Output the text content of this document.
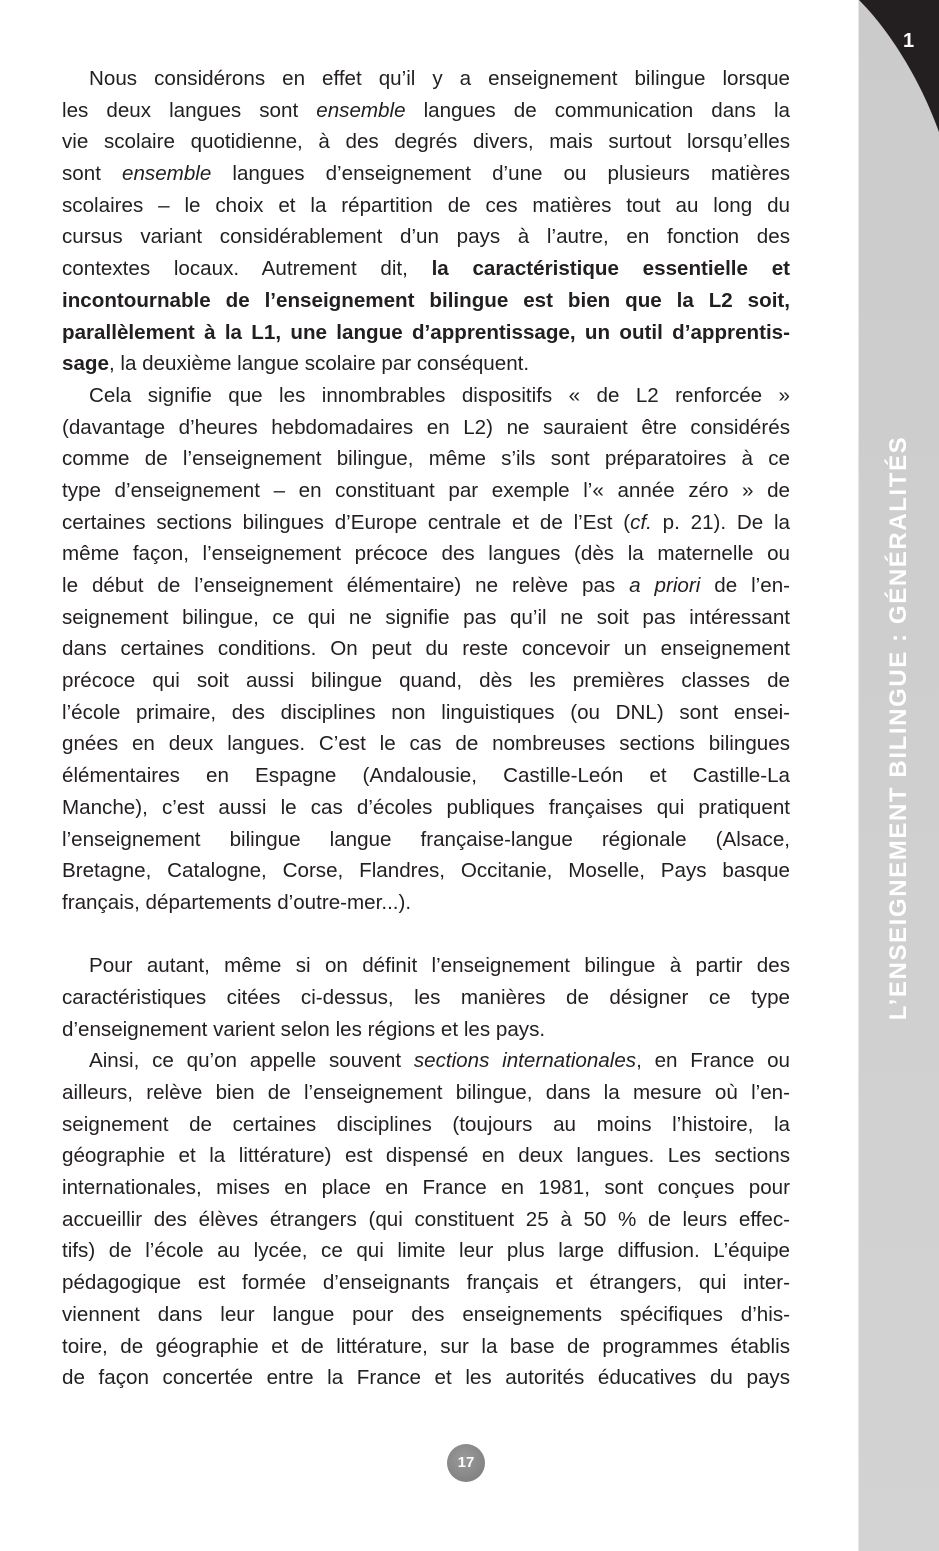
Nous considérons en effet qu’il y a enseignement bilingue lorsque
les deux langues sont ensemble langues de communication dans la
vie scolaire quotidienne, à des degrés divers, mais surtout lorsqu’elles
sont ensemble langues d’enseignement d’une ou plusieurs matières
scolaires – le choix et la répartition de ces matières tout au long du
cursus variant considérablement d’un pays à l’autre, en fonction des
contextes locaux. Autrement dit, la caractéristique essentielle et
incontournable de l’enseignement bilingue est bien que la L2 soit,
parallèlement à la L1, une langue d’apprentissage, un outil d’apprentis-
sage, la deuxième langue scolaire par conséquent.
Cela signifie que les innombrables dispositifs « de L2 renforcée »
(davantage d’heures hebdomadaires en L2) ne sauraient être considérés
comme de l’enseignement bilingue, même s’ils sont préparatoires à ce
type d’enseignement – en constituant par exemple l’« année zéro » de
certaines sections bilingues d’Europe centrale et de l’Est (cf. p. 21). De la
même façon, l’enseignement précoce des langues (dès la maternelle ou
le début de l’enseignement élémentaire) ne relève pas a priori de l’en-
seignement bilingue, ce qui ne signifie pas qu’il ne soit pas intéressant
dans certaines conditions. On peut du reste concevoir un enseignement
précoce qui soit aussi bilingue quand, dès les premières classes de
l’école primaire, des disciplines non linguistiques (ou DNL) sont ensei-
gnées en deux langues. C’est le cas de nombreuses sections bilingues
élémentaires en Espagne (Andalousie, Castille-León et Castille-La
Manche), c’est aussi le cas d’écoles publiques françaises qui pratiquent
l’enseignement bilingue langue française-langue régionale (Alsace,
Bretagne, Catalogne, Corse, Flandres, Occitanie, Moselle, Pays basque
français, départements d’outre-mer...).
Pour autant, même si on définit l’enseignement bilingue à partir des
caractéristiques citées ci-dessus, les manières de désigner ce type
d’enseignement varient selon les régions et les pays.
Ainsi, ce qu’on appelle souvent sections internationales, en France ou
ailleurs, relève bien de l’enseignement bilingue, dans la mesure où l’en-
seignement de certaines disciplines (toujours au moins l’histoire, la
géographie et la littérature) est dispensé en deux langues. Les sections
internationales, mises en place en France en 1981, sont conçues pour
accueillir des élèves étrangers (qui constituent 25 à 50 % de leurs effec-
tifs) de l’école au lycée, ce qui limite leur plus large diffusion. L’équipe
pédagogique est formée d’enseignants français et étrangers, qui inter-
viennent dans leur langue pour des enseignements spécifiques d’his-
toire, de géographie et de littérature, sur la base de programmes établis
de façon concertée entre la France et les autorités éducatives du pays
1
L’ENSEIGNEMENT BILINGUE : GÉNÉRALITÉS
17
